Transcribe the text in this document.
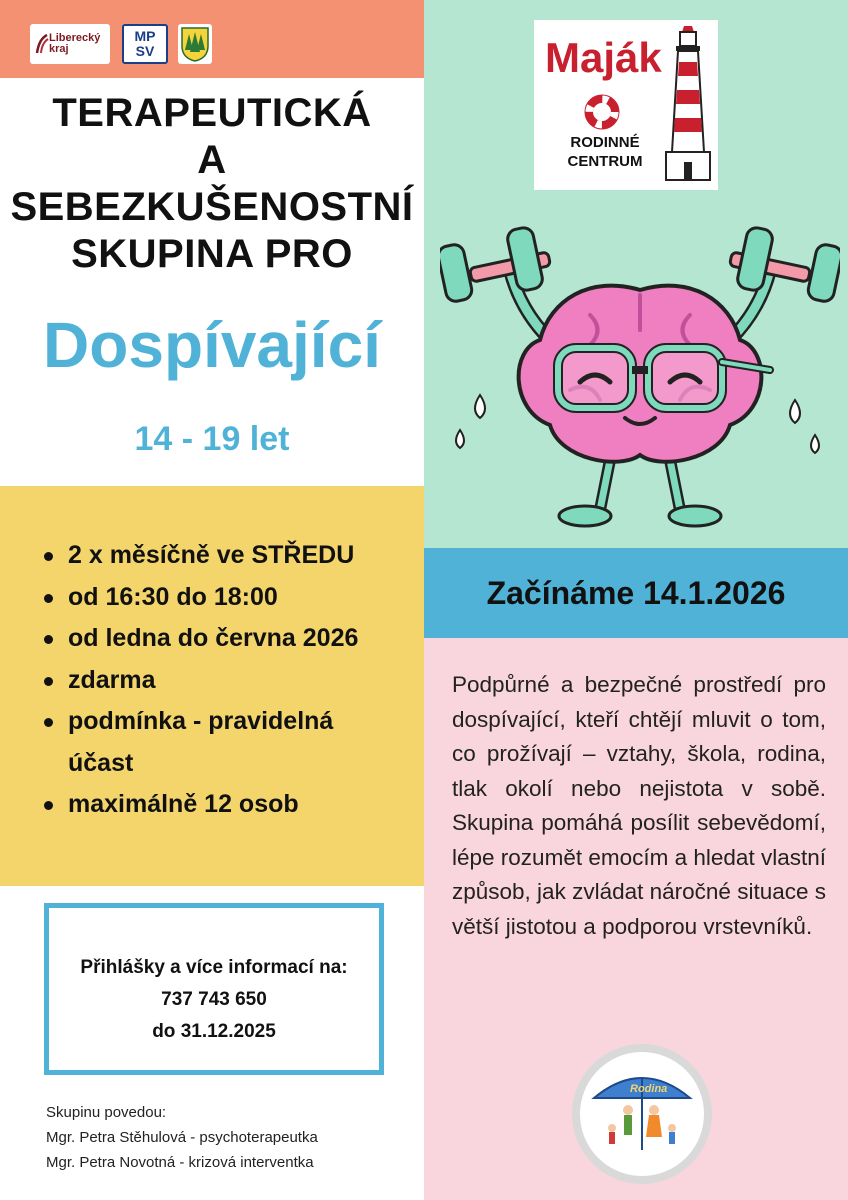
Liberecký kraj
MPSV
TERAPEUTICKÁ
A
SEBEZKUŠENOSTNÍ
SKUPINA PRO
Dospívající
14 - 19 let
2 x měsíčně ve STŘEDU
od 16:30 do 18:00
od ledna do června 2026
zdarma
podmínka - pravidelná účast
maximálně 12 osob
Přihlášky a více informací na:
737 743 650
do 31.12.2025
Skupinu povedou:
Mgr. Petra Stěhulová - psychoterapeutka
Mgr. Petra Novotná - krizová interventka
Maják
RODINNÉ
CENTRUM
Začínáme 14.1.2026
Podpůrné a bezpečné prostředí pro dospívající, kteří chtějí mluvit o tom, co prožívají – vztahy, škola, rodina, tlak okolí nebo nejistota v sobě. Skupina pomáhá posílit sebevědomí, lépe rozumět emocím a hledat vlastní způsob, jak zvládat náročné situace s větší jistotou a podporou vrstevníků.
Rodina
